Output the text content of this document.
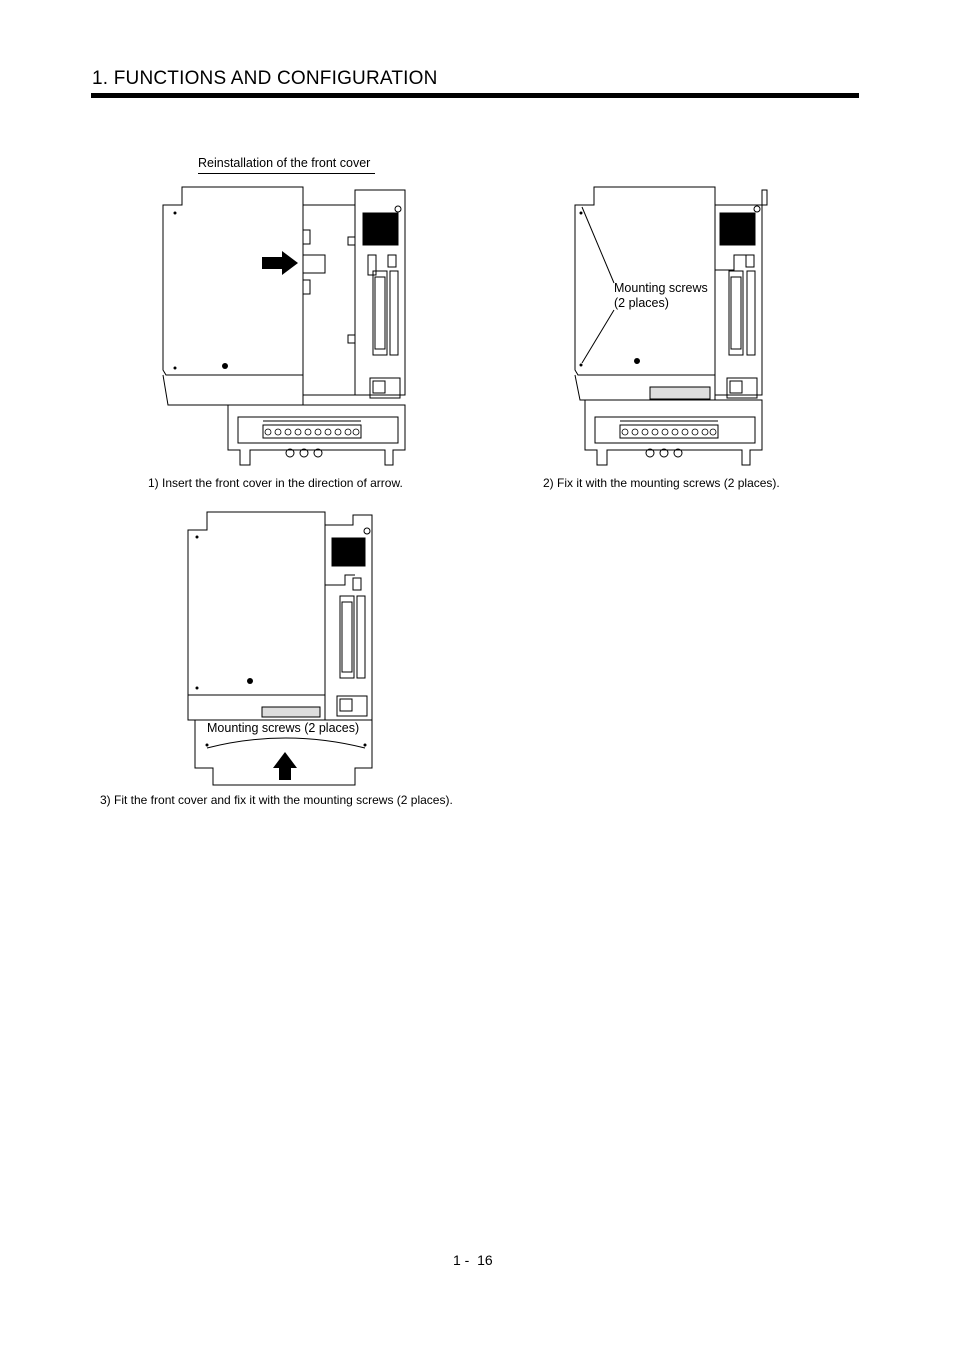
1. FUNCTIONS AND CONFIGURATION
Reinstallation of the front cover
1) Insert the front cover in the direction of arrow.
Mounting screws
(2 places)
2) Fix it with the mounting screws (2 places).
Mounting screws (2 places)
3) Fit the front cover and fix it with the mounting screws (2 places).
1 -  16
